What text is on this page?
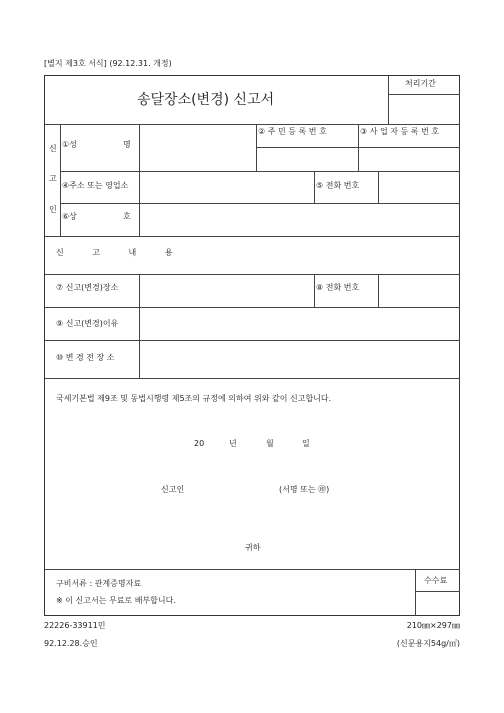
[별지 제3호 서식] (92.12.31. 개정)
송달장소(변경) 신고서
처리기간
신
고
인
①성	명
② 주 민 등 록 번 호	③ 사 업 자 등 록 번 호
④주소 또는 영업소	⑤ 전화 번호
⑥상	호
신 고 내 용
⑦ 신고(변경)장소	⑧ 전화 번호
⑨ 신고(변경)이유
⑩ 변 경 전 장 소
국세기본법 제9조 및 동법시행령 제5조의 규정에 의하여 위와 같이 신고합니다.
20	년	월	일
신고인	(서명 또는 ㊞)
귀하
구비서류 : 관계증명자료
※ 이 신고서는 무료로 배부합니다.
수수료
22226-33911민
92.12.28.승인
210㎜×297㎜
(신문용지54g/㎡)
